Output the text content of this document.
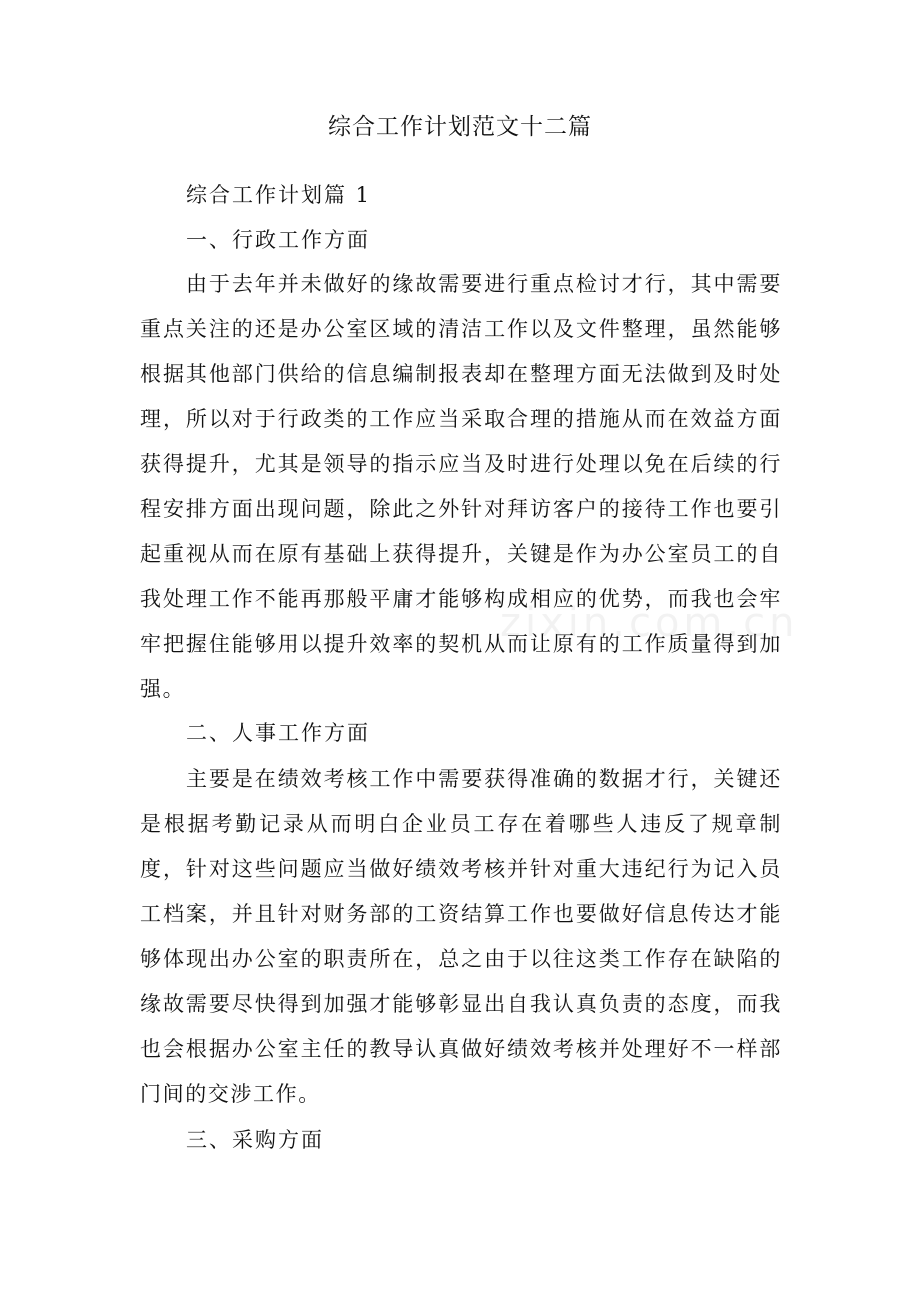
综合工作计划范文十二篇
综合工作计划篇 1
一、行政工作方面
由于去年并未做好的缘故需要进行重点检讨才行，其中需要重点关注的还是办公室区域的清洁工作以及文件整理，虽然能够根据其他部门供给的信息编制报表却在整理方面无法做到及时处理，所以对于行政类的工作应当采取合理的措施从而在效益方面获得提升，尤其是领导的指示应当及时进行处理以免在后续的行程安排方面出现问题，除此之外针对拜访客户的接待工作也要引起重视从而在原有基础上获得提升，关键是作为办公室员工的自我处理工作不能再那般平庸才能够构成相应的优势，而我也会牢牢把握住能够用以提升效率的契机从而让原有的工作质量得到加强。
二、人事工作方面
主要是在绩效考核工作中需要获得准确的数据才行，关键还是根据考勤记录从而明白企业员工存在着哪些人违反了规章制度，针对这些问题应当做好绩效考核并针对重大违纪行为记入员工档案，并且针对财务部的工资结算工作也要做好信息传达才能够体现出办公室的职责所在，总之由于以往这类工作存在缺陷的缘故需要尽快得到加强才能够彰显出自我认真负责的态度，而我也会根据办公室主任的教导认真做好绩效考核并处理好不一样部门间的交涉工作。
三、采购方面
zixin.com.cn
